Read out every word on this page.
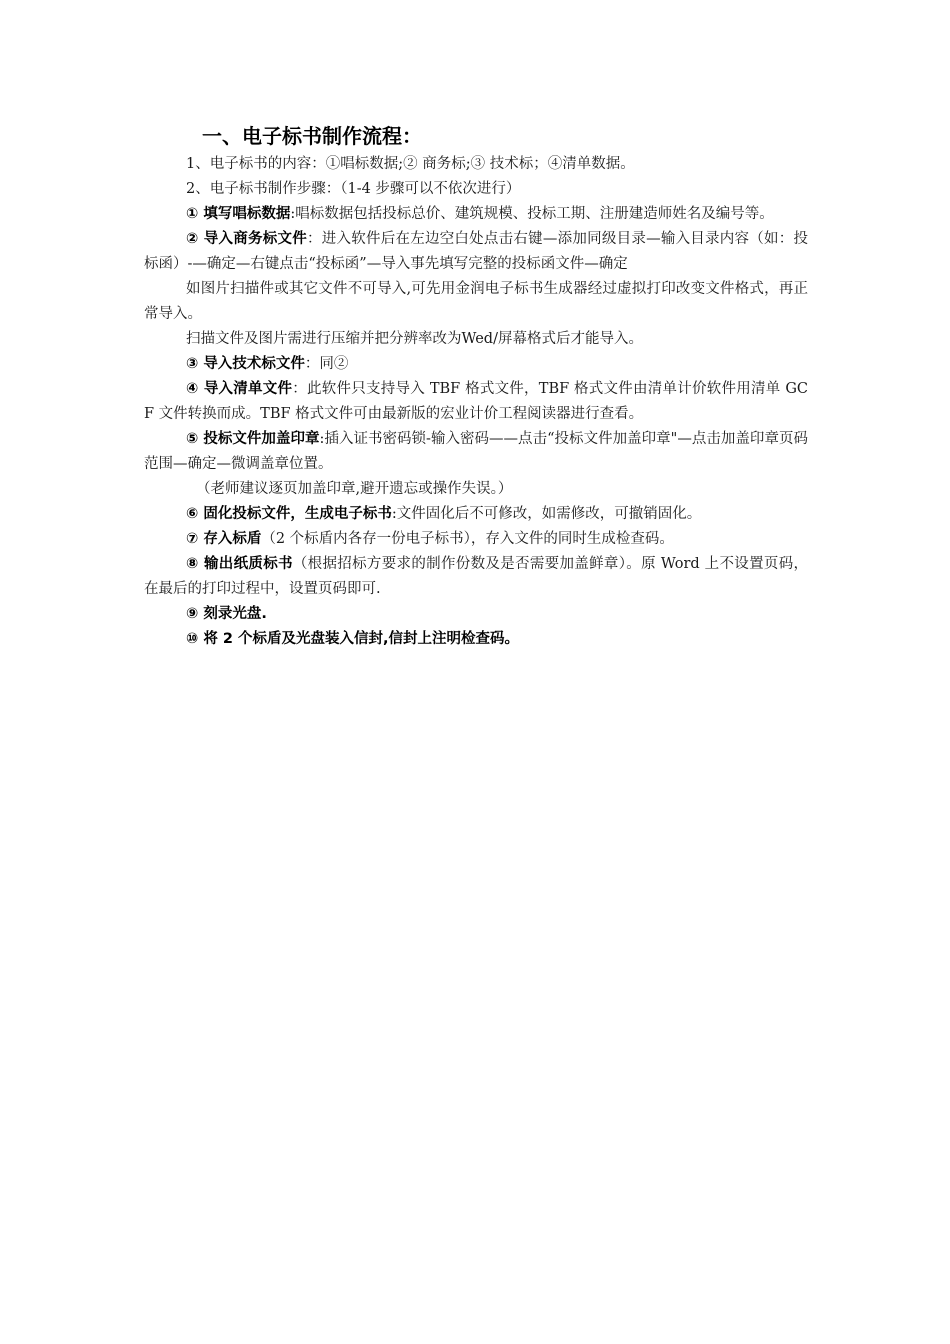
一、电子标书制作流程：

1、电子标书的内容：①唱标数据;② 商务标;③ 技术标；④清单数据。

2、电子标书制作步骤：（1-4 步骤可以不依次进行）

① 填写唱标数据:唱标数据包括投标总价、建筑规模、投标工期、注册建造师姓名及编号等。

② 导入商务标文件：进入软件后在左边空白处点击右键—添加同级目录—输入目录内容（如：投标函）-—确定—右键点击“投标函”—导入事先填写完整的投标函文件—确定

如图片扫描件或其它文件不可导入,可先用金润电子标书生成器经过虚拟打印改变文件格式，再正常导入。

扫描文件及图片需进行压缩并把分辨率改为Wed/屏幕格式后才能导入。

③ 导入技术标文件：同②

④ 导入清单文件：此软件只支持导入 TBF 格式文件，TBF 格式文件由清单计价软件用清单 GCF 文件转换而成。TBF 格式文件可由最新版的宏业计价工程阅读器进行查看。

⑤ 投标文件加盖印章:插入证书密码锁-输入密码——点击“投标文件加盖印章"—点击加盖印章页码范围—确定—微调盖章位置。

（老师建议逐页加盖印章,避开遗忘或操作失误。）

⑥ 固化投标文件，生成电子标书:文件固化后不可修改，如需修改，可撤销固化。

⑦ 存入标盾（2 个标盾内各存一份电子标书），存入文件的同时生成检查码。

⑧ 输出纸质标书（根据招标方要求的制作份数及是否需要加盖鲜章）。原 Word 上不设置页码，在最后的打印过程中，设置页码即可.

⑨ 刻录光盘.

⑩ 将 2 个标盾及光盘装入信封,信封上注明检查码。
